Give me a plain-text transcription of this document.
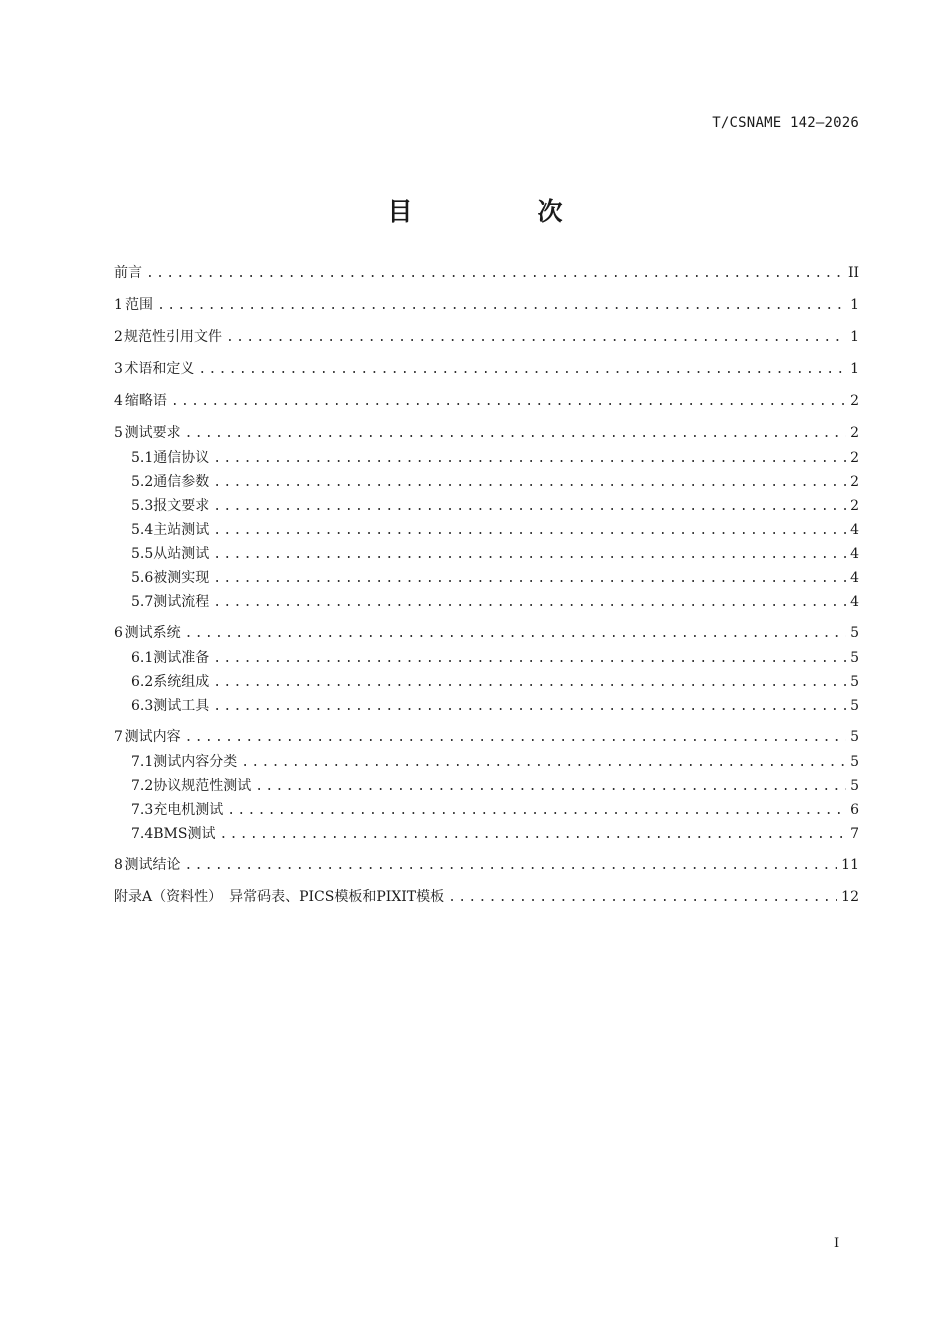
T/CSNAME 142—2026
目　次
前言 .....	II
1 范围 .....	1
2 规范性引用文件 .....	1
3 术语和定义 .....	1
4 缩略语 .....	2
5 测试要求 .....	2
5.1 通信协议 .....	2
5.2 通信参数 .....	2
5.3 报文要求 .....	2
5.4 主站测试 .....	4
5.5 从站测试 .....	4
5.6 被测实现 .....	4
5.7 测试流程 .....	4
6 测试系统 .....	5
6.1 测试准备 .....	5
6.2 系统组成 .....	5
6.3 测试工具 .....	5
7 测试内容 .....	5
7.1 测试内容分类 .....	5
7.2 协议规范性测试 .....	5
7.3 充电机测试 .....	6
7.4 BMS测试 .....	7
8 测试结论 .....	11
附录A（资料性）　异常码表、PICS模板和PIXIT模板 .....	12
I
